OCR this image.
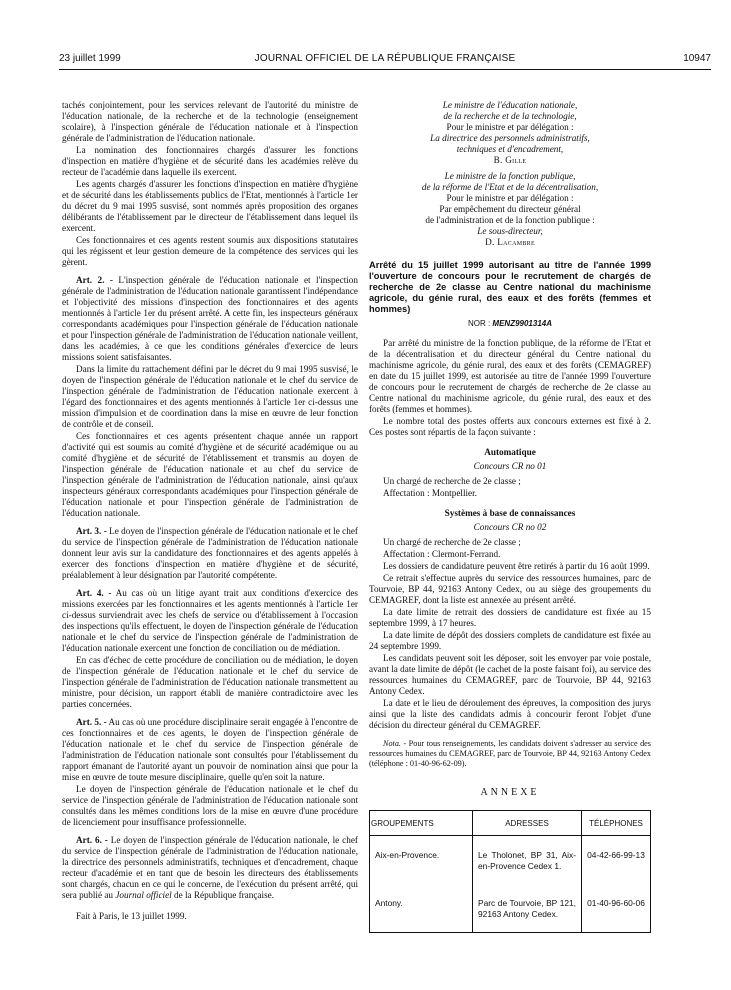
23 juillet 1999	JOURNAL OFFICIEL DE LA RÉPUBLIQUE FRANÇAISE	10947

tachés conjointement, pour les services relevant de l'autorité du ministre de l'éducation nationale, de la recherche et de la technologie (enseignement scolaire), à l'inspection générale de l'éducation nationale et à l'inspection générale de l'administration de l'éducation nationale.

La nomination des fonctionnaires chargés d'assurer les fonctions d'inspection en matière d'hygiène et de sécurité dans les académies relève du recteur de l'académie dans laquelle ils exercent.

Les agents chargés d'assurer les fonctions d'inspection en matière d'hygiène et de sécurité dans les établissements publics de l'Etat, mentionnés à l'article 1er du décret du 9 mai 1995 susvisé, sont nommés après proposition des organes délibérants de l'établissement par le directeur de l'établissement dans lequel ils exercent.

Ces fonctionnaires et ces agents restent soumis aux dispositions statutaires qui les régissent et leur gestion demeure de la compétence des services qui les gèrent.

Art. 2. - L'inspection générale de l'éducation nationale et l'inspection générale de l'administration de l'éducation nationale garantissent l'indépendance et l'objectivité des missions d'inspection des fonctionnaires et des agents mentionnés à l'article 1er du présent arrêté. A cette fin, les inspecteurs généraux correspondants académiques pour l'inspection générale de l'éducation nationale et pour l'inspection générale de l'administration de l'éducation nationale veillent, dans les académies, à ce que les conditions générales d'exercice de leurs missions soient satisfaisantes.

Dans la limite du rattachement défini par le décret du 9 mai 1995 susvisé, le doyen de l'inspection générale de l'éducation nationale et le chef du service de l'inspection générale de l'administration de l'éducation nationale exercent à l'égard des fonctionnaires et des agents mentionnés à l'article 1er ci-dessus une mission d'impulsion et de coordination dans la mise en œuvre de leur fonction de contrôle et de conseil.

Ces fonctionnaires et ces agents présentent chaque année un rapport d'activité qui est soumis au comité d'hygiène et de sécurité académique ou au comité d'hygiène et de sécurité de l'établissement et transmis au doyen de l'inspection générale de l'éducation nationale et au chef du service de l'inspection générale de l'administration de l'éducation nationale, ainsi qu'aux inspecteurs généraux correspondants académiques pour l'inspection générale de l'éducation nationale et pour l'inspection générale de l'administration de l'éducation nationale.

Art. 3. - Le doyen de l'inspection générale de l'éducation nationale et le chef du service de l'inspection générale de l'administration de l'éducation nationale donnent leur avis sur la candidature des fonctionnaires et des agents appelés à exercer des fonctions d'inspection en matière d'hygiène et de sécurité, préalablement à leur désignation par l'autorité compétente.

Art. 4. - Au cas où un litige ayant trait aux conditions d'exercice des missions exercées par les fonctionnaires et les agents mentionnés à l'article 1er ci-dessus surviendrait avec les chefs de service ou d'établissement à l'occasion des inspections qu'ils effectuent, le doyen de l'inspection générale de l'éducation nationale et le chef du service de l'inspection générale de l'administration de l'éducation nationale exercent une fonction de conciliation ou de médiation.

En cas d'échec de cette procédure de conciliation ou de médiation, le doyen de l'inspection générale de l'éducation nationale et le chef du service de l'inspection générale de l'administration de l'éducation nationale transmettent au ministre, pour décision, un rapport établi de manière contradictoire avec les parties concernées.

Art. 5. - Au cas où une procédure disciplinaire serait engagée à l'encontre de ces fonctionnaires et de ces agents, le doyen de l'inspection générale de l'éducation nationale et le chef du service de l'inspection générale de l'administration de l'éducation nationale sont consultés pour l'établissement du rapport émanant de l'autorité ayant un pouvoir de nomination ainsi que pour la mise en œuvre de toute mesure disciplinaire, quelle qu'en soit la nature.

Le doyen de l'inspection générale de l'éducation nationale et le chef du service de l'inspection générale de l'administration de l'éducation nationale sont consultés dans les mêmes conditions lors de la mise en œuvre d'une procédure de licenciement pour insuffisance professionnelle.

Art. 6. - Le doyen de l'inspection générale de l'éducation nationale, le chef du service de l'inspection générale de l'administration de l'éducation nationale, la directrice des personnels administratifs, techniques et d'encadrement, chaque recteur d'académie et en tant que de besoin les directeurs des établissements sont chargés, chacun en ce qui le concerne, de l'exécution du présent arrêté, qui sera publié au Journal officiel de la République française.

Fait à Paris, le 13 juillet 1999.

Le ministre de l'éducation nationale,
de la recherche et de la technologie,
Pour le ministre et par délégation :
La directrice des personnels administratifs,
techniques et d'encadrement,
B. Gille
Le ministre de la fonction publique,
de la réforme de l'Etat et de la décentralisation,
Pour le ministre et par délégation :
Par empêchement du directeur général
de l'administration et de la fonction publique :
Le sous-directeur,
D. Lacambre
Arrêté du 15 juillet 1999 autorisant au titre de l'année 1999 l'ouverture de concours pour le recrutement de chargés de recherche de 2e classe au Centre national du machinisme agricole, du génie rural, des eaux et des forêts (femmes et hommes)
NOR : MENZ9901314A

Par arrêté du ministre de la fonction publique, de la réforme de l'Etat et de la décentralisation et du directeur général du Centre national du machinisme agricole, du génie rural, des eaux et des forêts (CEMAGREF) en date du 15 juillet 1999, est autorisée au titre de l'année 1999 l'ouverture de concours pour le recrutement de chargés de recherche de 2e classe au Centre national du machinisme agricole, du génie rural, des eaux et des forêts (femmes et hommes).

Le nombre total des postes offerts aux concours externes est fixé à 2. Ces postes sont répartis de la façon suivante :

Automatique
Concours CR no 01

Un chargé de recherche de 2e classe ;

Affectation : Montpellier.

Systèmes à base de connaissances
Concours CR no 02

Un chargé de recherche de 2e classe ;

Affectation : Clermont-Ferrand.

Les dossiers de candidature peuvent être retirés à partir du 16 août 1999.

Ce retrait s'effectue auprès du service des ressources humaines, parc de Tourvoie, BP 44, 92163 Antony Cedex, ou au siège des groupements du CEMAGREF, dont la liste est annexée au présent arrêté.

La date limite de retrait des dossiers de candidature est fixée au 15 septembre 1999, à 17 heures.

La date limite de dépôt des dossiers complets de candidature est fixée au 24 septembre 1999.

Les candidats peuvent soit les déposer, soit les envoyer par voie postale, avant la date limite de dépôt (le cachet de la poste faisant foi), au service des ressources humaines du CEMAGREF, parc de Tourvoie, BP 44, 92163 Antony Cedex.

La date et le lieu de déroulement des épreuves, la composition des jurys ainsi que la liste des candidats admis à concourir feront l'objet d'une décision du directeur général du CEMAGREF.

Nota. - Pour tous renseignements, les candidats doivent s'adresser au service des ressources humaines du CEMAGREF, parc de Tourvoie, BP 44, 92163 Antony Cedex (téléphone : 01-40-96-62-09).
ANNEXE
GROUPEMENTS	ADRESSES	TÉLÉPHONES
Aix-en-Provence.	Le Tholonet, BP 31, Aix-en-Provence Cedex 1.	04-42-66-99-13
Antony.	Parc de Tourvoie, BP 121, 92163 Antony Cedex.	01-40-96-60-06
